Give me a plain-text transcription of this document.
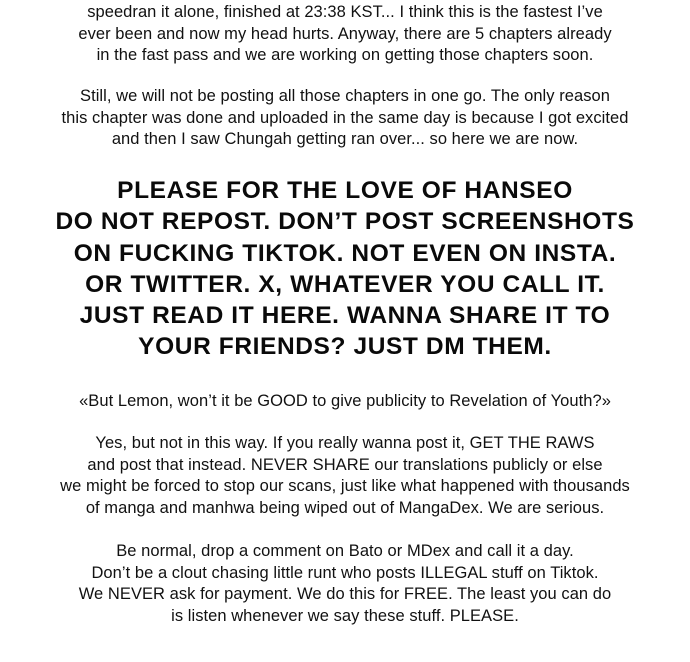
speedran it alone, finished at 23:38 KST... I think this is the fastest I’ve
ever been and now my head hurts. Anyway, there are 5 chapters already
in the fast pass and we are working on getting those chapters soon.
Still, we will not be posting all those chapters in one go. The only reason
this chapter was done and uploaded in the same day is because I got excited
and then I saw Chungah getting ran over... so here we are now.
PLEASE FOR THE LOVE OF HANSEO
DO NOT REPOST. DON’T POST SCREENSHOTS
ON FUCKING TIKTOK. NOT EVEN ON INSTA.
OR TWITTER. X, WHATEVER YOU CALL IT.
JUST READ IT HERE. WANNA SHARE IT TO
YOUR FRIENDS? JUST DM THEM.
«But Lemon, won’t it be GOOD to give publicity to Revelation of Youth?»
Yes, but not in this way. If you really wanna post it, GET THE RAWS
and post that instead. NEVER SHARE our translations publicly or else
we might be forced to stop our scans, just like what happened with thousands
of manga and manhwa being wiped out of MangaDex. We are serious.
Be normal, drop a comment on Bato or MDex and call it a day.
Don’t be a clout chasing little runt who posts ILLEGAL stuff on Tiktok.
We NEVER ask for payment. We do this for FREE. The least you can do
is listen whenever we say these stuff. PLEASE.
